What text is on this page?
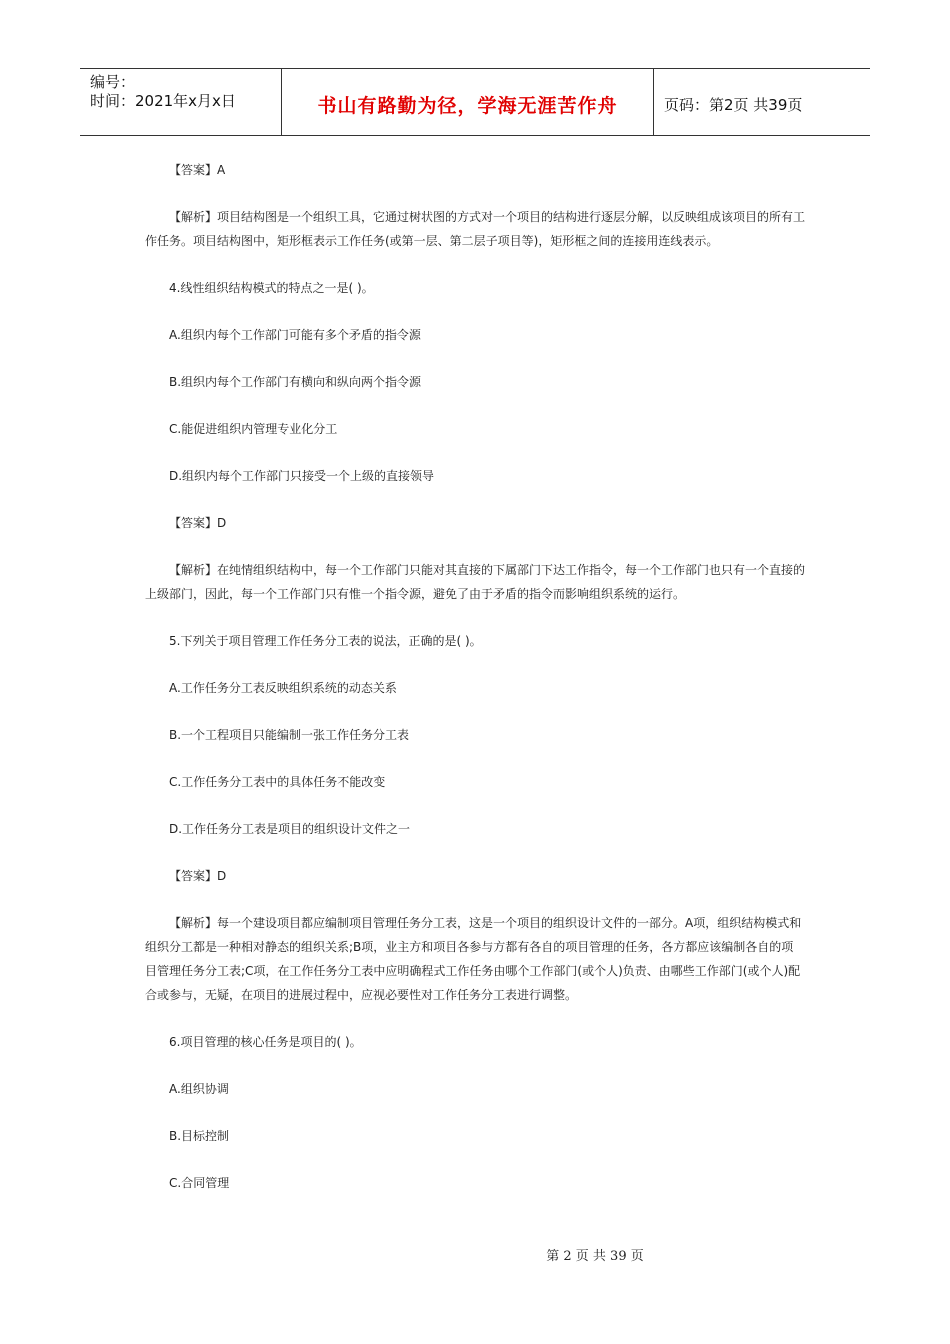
编号：
时间：2021年x月x日	书山有路勤为径，学海无涯苦作舟	页码：第2页 共39页

【答案】A

【解析】项目结构图是一个组织工具，它通过树状图的方式对一个项目的结构进行逐层分解，以反映组成该项目的所有工作任务。项目结构图中，矩形框表示工作任务(或第一层、第二层子项目等)，矩形框之间的连接用连线表示。

4.线性组织结构模式的特点之一是( )。

A.组织内每个工作部门可能有多个矛盾的指令源

B.组织内每个工作部门有横向和纵向两个指令源

C.能促进组织内管理专业化分工

D.组织内每个工作部门只接受一个上级的直接领导

【答案】D

【解析】在纯情组织结构中，每一个工作部门只能对其直接的下属部门下达工作指令，每一个工作部门也只有一个直接的上级部门，因此，每一个工作部门只有惟一个指令源，避免了由于矛盾的指令而影响组织系统的运行。

5.下列关于项目管理工作任务分工表的说法，正确的是( )。

A.工作任务分工表反映组织系统的动态关系

B.一个工程项目只能编制一张工作任务分工表

C.工作任务分工表中的具体任务不能改变

D.工作任务分工表是项目的组织设计文件之一

【答案】D

【解析】每一个建设项目都应编制项目管理任务分工表，这是一个项目的组织设计文件的一部分。A项，组织结构模式和组织分工都是一种相对静态的组织关系;B项，业主方和项目各参与方都有各自的项目管理的任务，各方都应该编制各自的项目管理任务分工表;C项，在工作任务分工表中应明确程式工作任务由哪个工作部门(或个人)负责、由哪些工作部门(或个人)配合或参与，无疑，在项目的进展过程中，应视必要性对工作任务分工表进行调整。

6.项目管理的核心任务是项目的( )。

A.组织协调

B.目标控制

C.合同管理

第 2 页 共 39 页
